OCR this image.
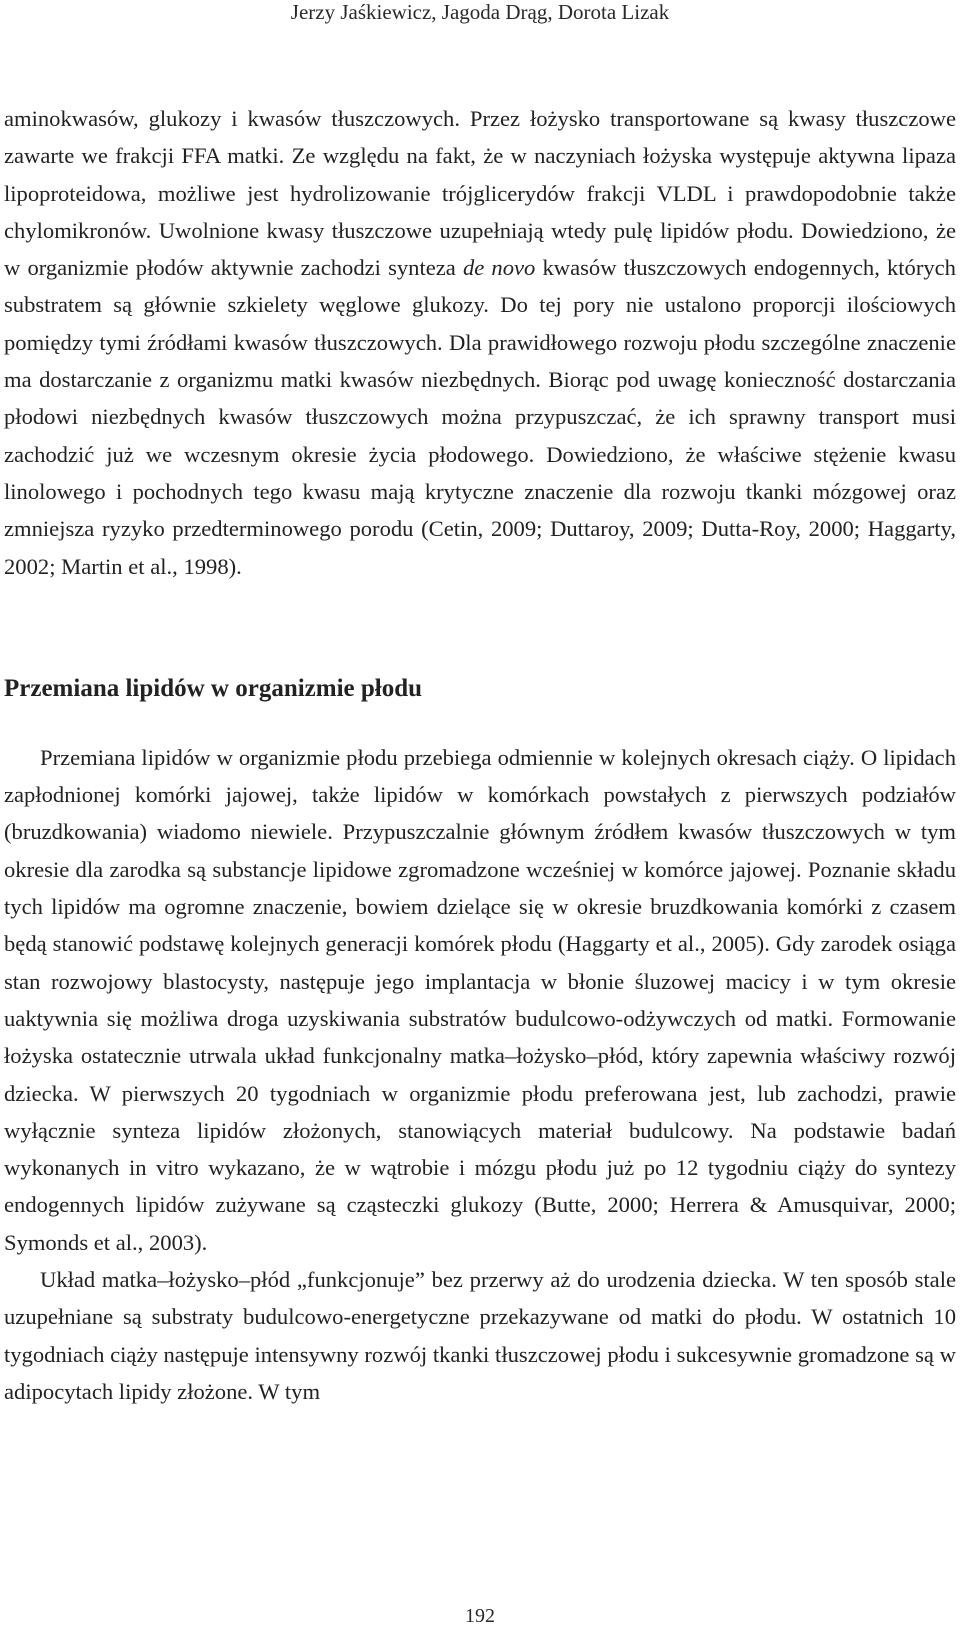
Jerzy Jaśkiewicz, Jagoda Drąg, Dorota Lizak

aminokwasów, glukozy i kwasów tłuszczowych. Przez łożysko transportowane są kwasy tłuszczowe zawarte we frakcji FFA matki. Ze względu na fakt, że w naczyniach łożyska występuje aktywna lipaza lipoproteidowa, możliwe jest hydrolizowanie trójglicerydów frakcji VLDL i prawdopodobnie także chylomikronów. Uwolnione kwasy tłuszczowe uzupełniają wtedy pulę lipidów płodu. Dowiedziono, że w organizmie płodów aktywnie zachodzi synteza de novo kwasów tłuszczowych endogennych, których substratem są głównie szkielety węglowe glukozy. Do tej pory nie ustalono proporcji ilościowych pomiędzy tymi źródłami kwasów tłuszczowych. Dla prawidłowego rozwoju płodu szczególne znaczenie ma dostarczanie z organizmu matki kwasów niezbędnych. Biorąc pod uwagę konieczność dostarczania płodowi niezbędnych kwasów tłuszczowych można przypuszczać, że ich sprawny transport musi zachodzić już we wczesnym okresie życia płodowego. Dowiedziono, że właściwe stężenie kwasu linolowego i pochodnych tego kwasu mają krytyczne znaczenie dla rozwoju tkanki mózgowej oraz zmniejsza ryzyko przedterminowego porodu (Cetin, 2009; Duttaroy, 2009; Dutta-Roy, 2000; Haggarty, 2002; Martin et al., 1998).

Przemiana lipidów w organizmie płodu

Przemiana lipidów w organizmie płodu przebiega odmiennie w kolejnych okresach ciąży. O lipidach zapłodnionej komórki jajowej, także lipidów w komórkach powstałych z pierwszych podziałów (bruzdkowania) wiadomo niewiele. Przypuszczalnie głównym źródłem kwasów tłuszczowych w tym okresie dla zarodka są substancje lipidowe zgromadzone wcześniej w komórce jajowej. Poznanie składu tych lipidów ma ogromne znaczenie, bowiem dzielące się w okresie bruzdkowania komórki z czasem będą stanowić podstawę kolejnych generacji komórek płodu (Haggarty et al., 2005). Gdy zarodek osiąga stan rozwojowy blastocysty, następuje jego implantacja w błonie śluzowej macicy i w tym okresie uaktywnia się możliwa droga uzyskiwania substratów budulcowo-odżywczych od matki. Formowanie łożyska ostatecznie utrwala układ funkcjonalny matka–łożysko–płód, który zapewnia właściwy rozwój dziecka. W pierwszych 20 tygodniach w organizmie płodu preferowana jest, lub zachodzi, prawie wyłącznie synteza lipidów złożonych, stanowiących materiał budulcowy. Na podstawie badań wykonanych in vitro wykazano, że w wątrobie i mózgu płodu już po 12 tygodniu ciąży do syntezy endogennych lipidów zużywane są cząsteczki glukozy (Butte, 2000; Herrera & Amusquivar, 2000; Symonds et al., 2003).

Układ matka–łożysko–płód „funkcjonuje” bez przerwy aż do urodzenia dziecka. W ten sposób stale uzupełniane są substraty budulcowo-energetyczne przekazywane od matki do płodu. W ostatnich 10 tygodniach ciąży następuje intensywny rozwój tkanki tłuszczowej płodu i sukcesywnie gromadzone są w adipocytach lipidy złożone. W tym

192
